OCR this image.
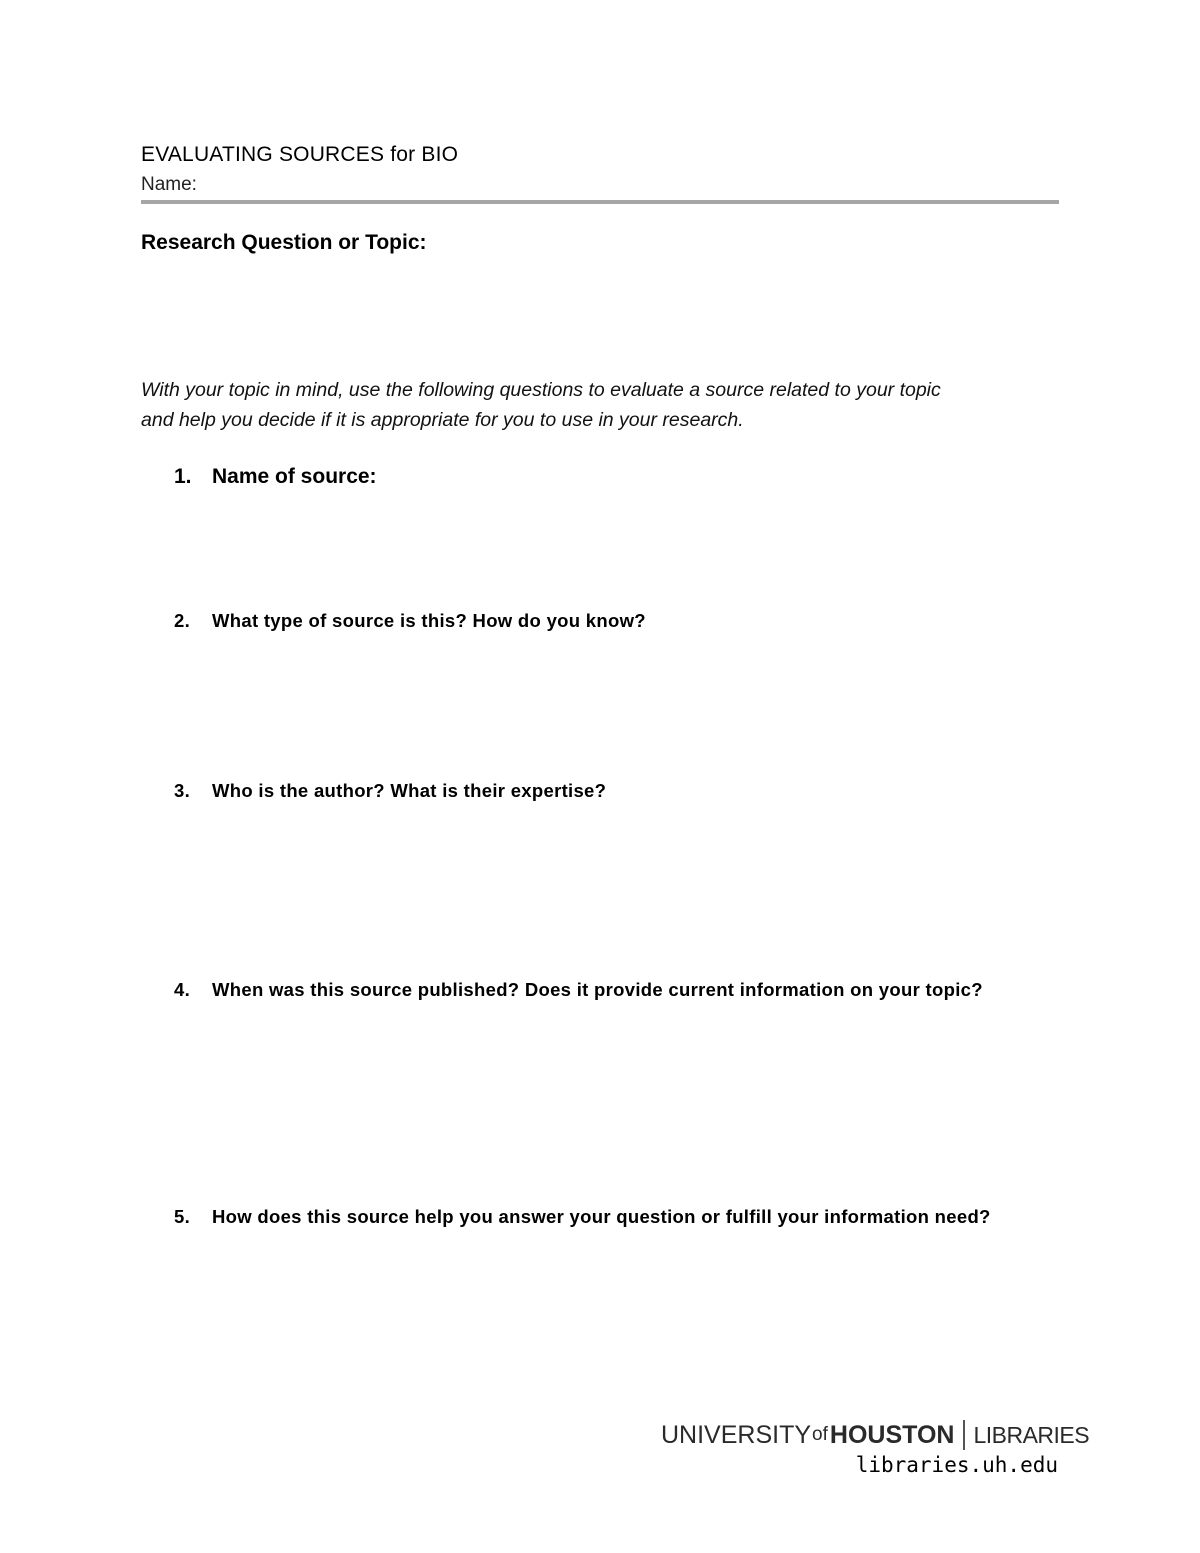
EVALUATING SOURCES for BIO
Name:
Research Question or Topic:
With your topic in mind, use the following questions to evaluate a source related to your topic
and help you decide if it is appropriate for you to use in your research.
1. Name of source:
2.	What type of source is this? How do you know?
3.	Who is the author? What is their expertise?
4.	When was this source published? Does it provide current information on your topic?
5.	How does this source help you answer your question or fulfill your information need?
UNIVERSITY of HOUSTON LIBRARIES
libraries.uh.edu
